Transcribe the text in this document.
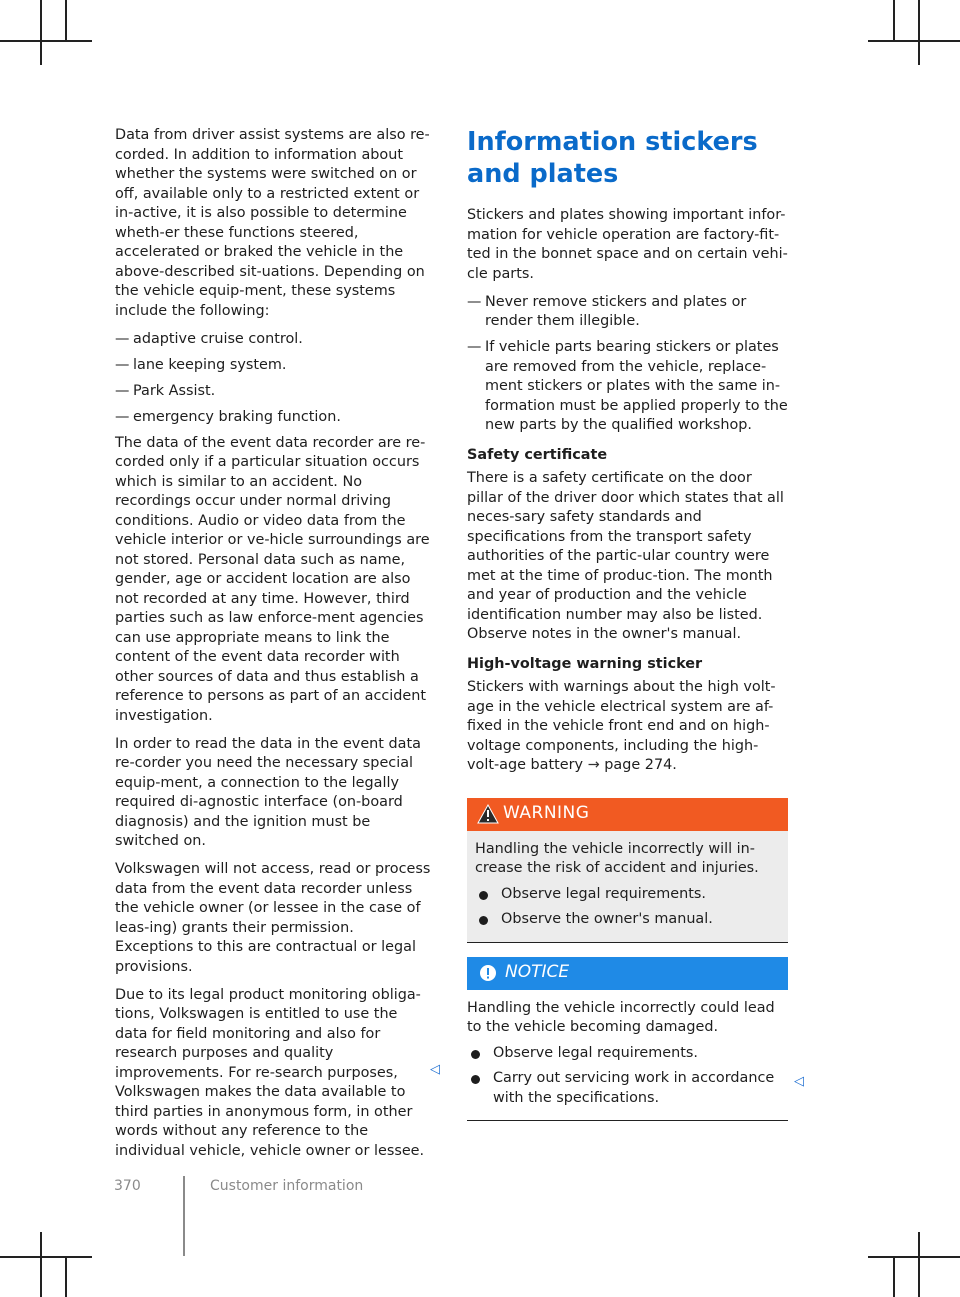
Data from driver assist systems are also re-corded. In addition to information about whether the systems were switched on or off, available only to a restricted extent or in-active, it is also possible to determine wheth-er these functions steered, accelerated or braked the vehicle in the above-described sit-uations. Depending on the vehicle equip-ment, these systems include the following:

— adaptive cruise control.
— lane keeping system.
— Park Assist.
— emergency braking function.

The data of the event data recorder are re-corded only if a particular situation occurs which is similar to an accident. No recordings occur under normal driving conditions. Audio or video data from the vehicle interior or ve-hicle surroundings are not stored. Personal data such as name, gender, age or accident location are also not recorded at any time. However, third parties such as law enforce-ment agencies can use appropriate means to link the content of the event data recorder with other sources of data and thus establish a reference to persons as part of an accident investigation.

In order to read the data in the event data re-corder you need the necessary special equip-ment, a connection to the legally required di-agnostic interface (on-board diagnosis) and the ignition must be switched on.

Volkswagen will not access, read or process data from the event data recorder unless the vehicle owner (or lessee in the case of leas-ing) grants their permission. Exceptions to this are contractual or legal provisions.

Due to its legal product monitoring obliga-tions, Volkswagen is entitled to use the data for field monitoring and also for research purposes and quality improvements. For re-search purposes, Volkswagen makes the data available to third parties in anonymous form, in other words without any reference to the individual vehicle, vehicle owner or lessee.

◁
Information stickers and plates

Stickers and plates showing important infor-mation for vehicle operation are factory-fit-ted in the bonnet space and on certain vehi-cle parts.

— Never remove stickers and plates or render them illegible.
— If vehicle parts bearing stickers or plates are removed from the vehicle, replace-ment stickers or plates with the same in-formation must be applied properly to the new parts by the qualified workshop.
Safety certificate

There is a safety certificate on the door pillar of the driver door which states that all neces-sary safety standards and specifications from the transport safety authorities of the partic-ular country were met at the time of produc-tion. The month and year of production and the vehicle identification number may also be listed. Observe notes in the owner's manual.

High-voltage warning sticker

Stickers with warnings about the high volt-age in the vehicle electrical system are af-fixed in the vehicle front end and on high-voltage components, including the high-volt-age battery → page 274.

WARNING

Handling the vehicle incorrectly will in-crease the risk of accident and injuries.

Observe legal requirements.
Observe the owner's manual.
NOTICE

Handling the vehicle incorrectly could lead to the vehicle becoming damaged.

Observe legal requirements.
Carry out servicing work in accordance with the specifications.
◁
370	Customer information
